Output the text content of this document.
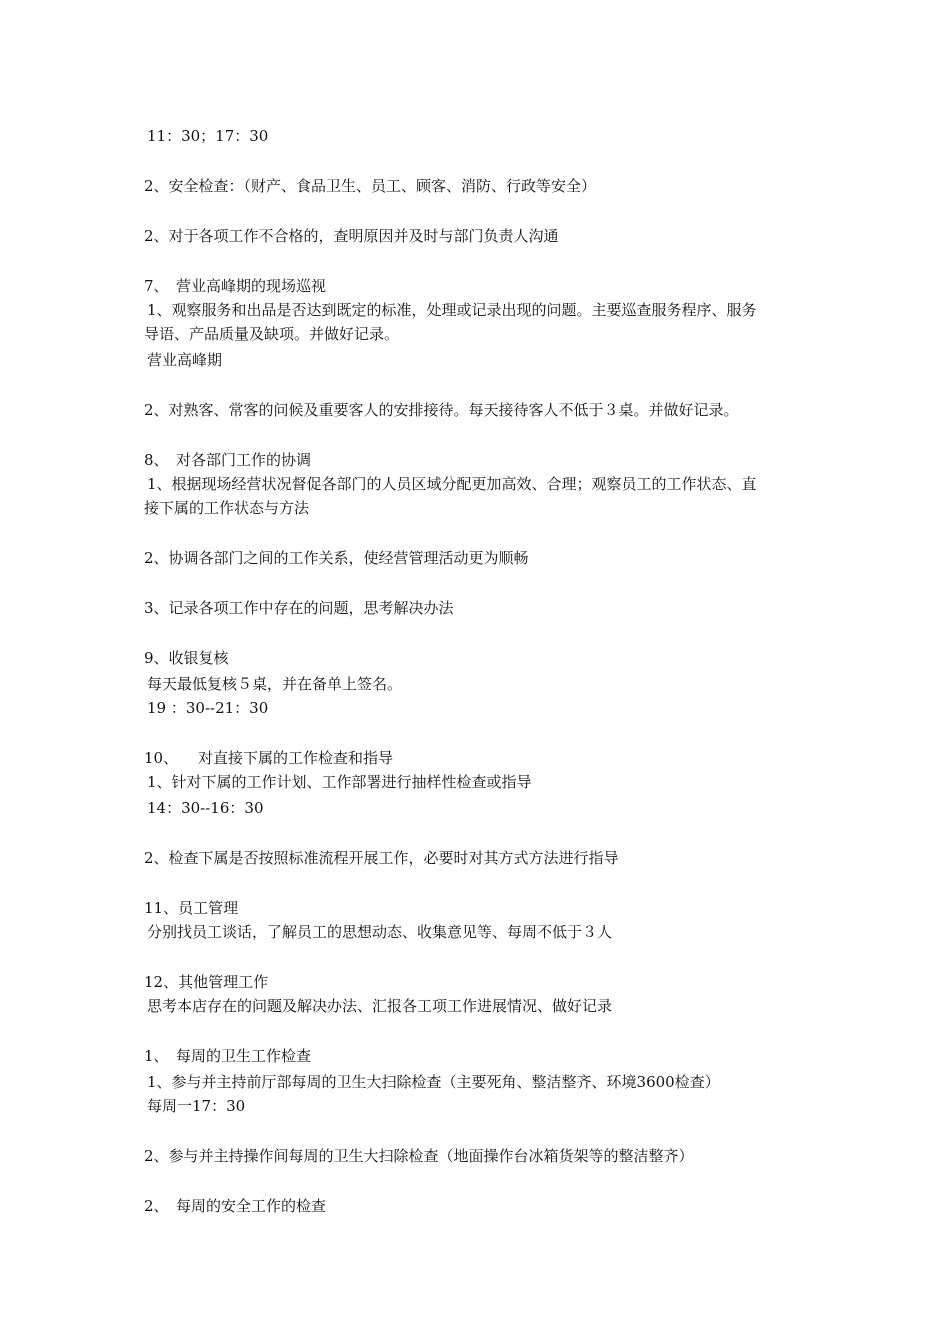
11：30；17：30
2、安全检查：（财产、食品卫生、员工、顾客、消防、行政等安全）
2、对于各项工作不合格的，查明原因并及时与部门负责人沟通
7、 营业高峰期的现场巡视
1、观察服务和出品是否达到既定的标准，处理或记录出现的问题。主要巡查服务程序、服务
导语、产品质量及缺项。并做好记录。
营业高峰期
2、对熟客、常客的问候及重要客人的安排接待。每天接待客人不低于３桌。并做好记录。
8、 对各部门工作的协调
1、根据现场经营状况督促各部门的人员区域分配更加高效、合理；观察员工的工作状态、直
接下属的工作状态与方法
2、协调各部门之间的工作关系，使经营管理活动更为顺畅
3、记录各项工作中存在的问题，思考解决办法
9、收银复核
每天最低复核５桌，并在备单上签名。
19 ：30--21：30
10、 对直接下属的工作检查和指导
1、针对下属的工作计划、工作部署进行抽样性检查或指导
14：30--16：30
2、检查下属是否按照标准流程开展工作，必要时对其方式方法进行指导
11、员工管理
分别找员工谈话，了解员工的思想动态、收集意见等、每周不低于３人
12、其他管理工作
思考本店存在的问题及解决办法、汇报各工项工作进展情况、做好记录
1、 每周的卫生工作检查
1、参与并主持前厅部每周的卫生大扫除检查（主要死角、整洁整齐、环境3600检查）
每周一17：30
2、参与并主持操作间每周的卫生大扫除检查（地面操作台冰箱货架等的整洁整齐）
2、 每周的安全工作的检查
